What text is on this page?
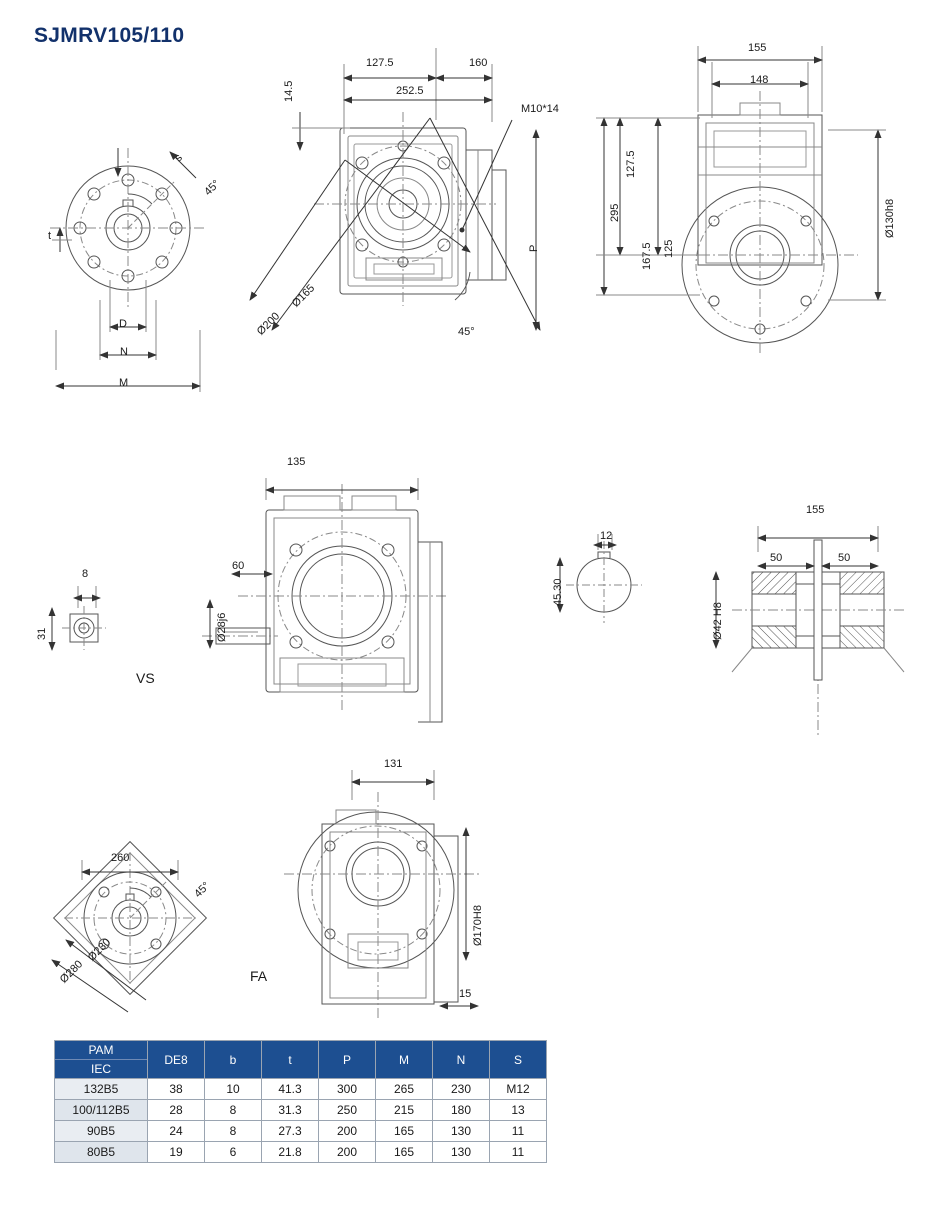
SJMRV105/110
45°
s
t
D
N
M
127.5	160
252.5
14.5
M10*14
Ø165
Ø200	45°
P
155
148
127.5
295
167.5 125
Ø130h8
VS
135
60
Ø28j6
31
8
12
45.30
155
50	50
Ø42 H8
FA
131
Ø170H8
15
260
45°
Ø230
Ø280
PAM
IEC	DE8	b	t	P	M	N	S
132B5	38	10	41.3	300	265	230	M12
100/112B5	28	8	31.3	250	215	180	13
90B5	24	8	27.3	200	165	130	11
80B5	19	6	21.8	200	165	130	11
